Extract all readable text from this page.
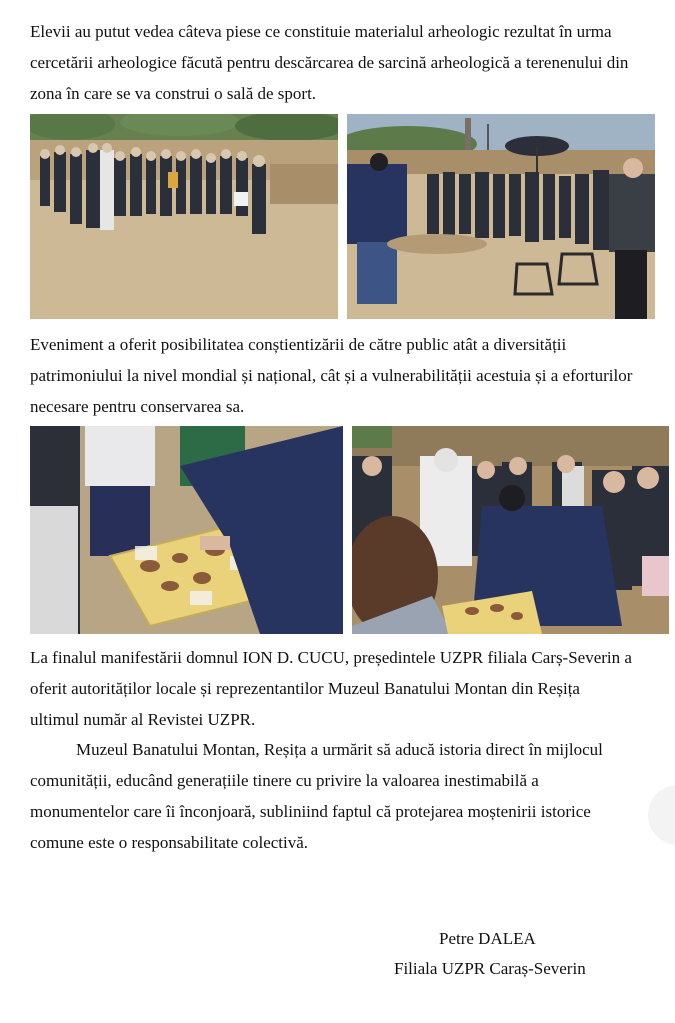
Elevii au putut vedea câteva piese ce constituie materialul arheologic rezultat în urma
cercetării arheologice făcută pentru descărcarea de sarcină arheologică a terenenului din
zona în care se va construi o sală de sport.

Eveniment a oferit posibilitatea conștientizării de către public atât a diversității
patrimoniului la nivel mondial și național, cât și a vulnerabilității acestuia și a eforturilor
necesare pentru conservarea sa.

La finalul manifestării domnul ION D. CUCU, președintele UZPR filiala Carș-Severin a
oferit autorităților locale și reprezentantilor Muzeul Banatului Montan din Reșița
ultimul număr al Revistei UZPR.

Muzeul Banatului Montan, Reșița a urmărit să aducă istoria direct în mijlocul
comunității, educând generațiile tinere cu privire la valoarea inestimabilă a
monumentelor care îi înconjoară, subliniind faptul că protejarea moștenirii istorice
comune este o responsabilitate colectivă.

Petre DALEA
Filiala UZPR Caraș-Severin
